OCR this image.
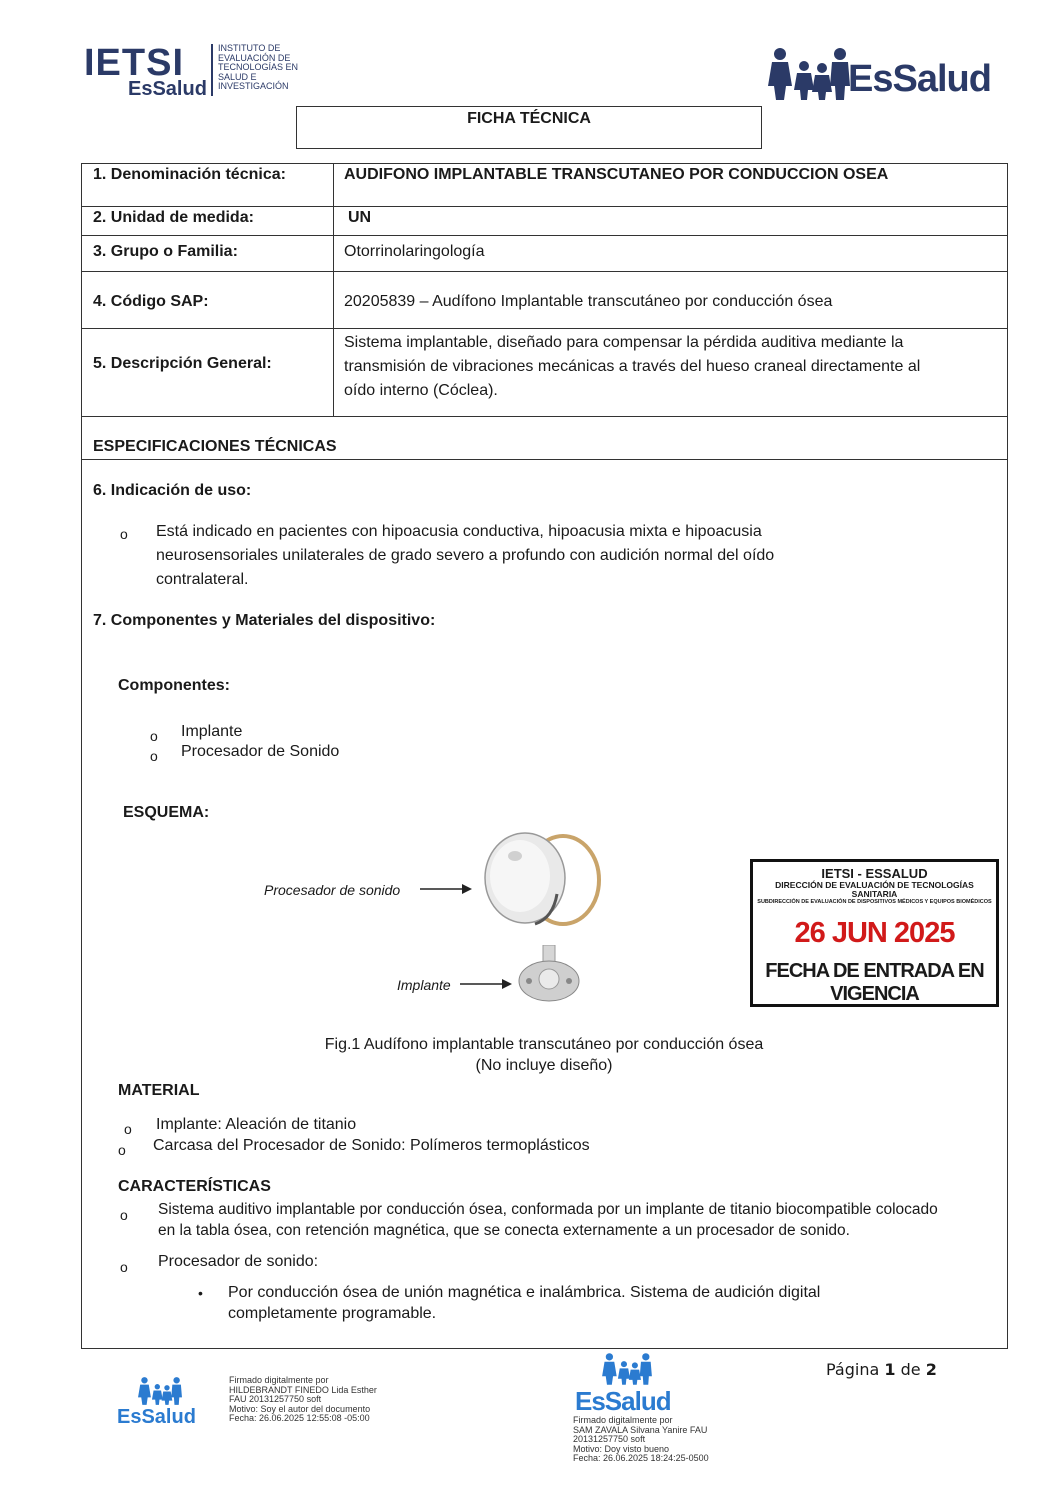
IETSI
EsSalud
INSTITUTO DE
EVALUACIÓN DE
TECNOLOGÍAS EN
SALUD E
INVESTIGACIÓN	EsSalud
FICHA TÉCNICA
1. Denominación técnica:	AUDIFONO IMPLANTABLE TRANSCUTANEO POR CONDUCCION OSEA
2. Unidad de medida:	UN
3. Grupo o Familia:	Otorrinolaringología
4. Código SAP:	20205839 – Audífono Implantable transcutáneo por conducción ósea
5. Descripción General:
Sistema implantable, diseñado para compensar la pérdida auditiva mediante la
transmisión de vibraciones mecánicas a través del hueso craneal directamente al
oído interno (Cóclea).
ESPECIFICACIONES TÉCNICAS
6. Indicación de uso:
o Está indicado en pacientes con hipoacusia conductiva, hipoacusia mixta e hipoacusia
neurosensoriales unilaterales de grado severo a profundo con audición normal del oído
contralateral.
7. Componentes y Materiales del dispositivo:
Componentes:
o Implante
o Procesador de Sonido
ESQUEMA:
Procesador de sonido
Implante
IETSI - ESSALUD
DIRECCIÓN DE EVALUACIÓN DE TECNOLOGÍAS SANITARIA
SUBDIRECCIÓN DE EVALUACIÓN DE DISPOSITIVOS MÉDICOS Y EQUIPOS BIOMÉDICOS
26 JUN 2025
FECHA DE ENTRADA EN VIGENCIA
Fig.1 Audífono implantable transcutáneo por conducción ósea
(No incluye diseño)
MATERIAL
o Implante: Aleación de titanio
o Carcasa del Procesador de Sonido: Polímeros termoplásticos
CARACTERÍSTICAS
o Sistema auditivo implantable por conducción ósea, conformada por un implante de titanio biocompatible colocado
en la tabla ósea, con retención magnética, que se conecta externamente a un procesador de sonido.
o Procesador de sonido:
• Por conducción ósea de unión magnética e inalámbrica. Sistema de audición digital
completamente programable.
EsSalud
Firmado digitalmente por
HILDEBRANDT FINEDO Lida Esther
FAU 20131257750 soft
Motivo: Soy el autor del documento
Fecha: 26.06.2025 12:55:08 -05:00
EsSalud
Firmado digitalmente por
SAM ZAVALA Silvana Yanire FAU
20131257750 soft
Motivo: Doy visto bueno
Fecha: 26.06.2025 18:24:25-0500
Página 1 de 2
